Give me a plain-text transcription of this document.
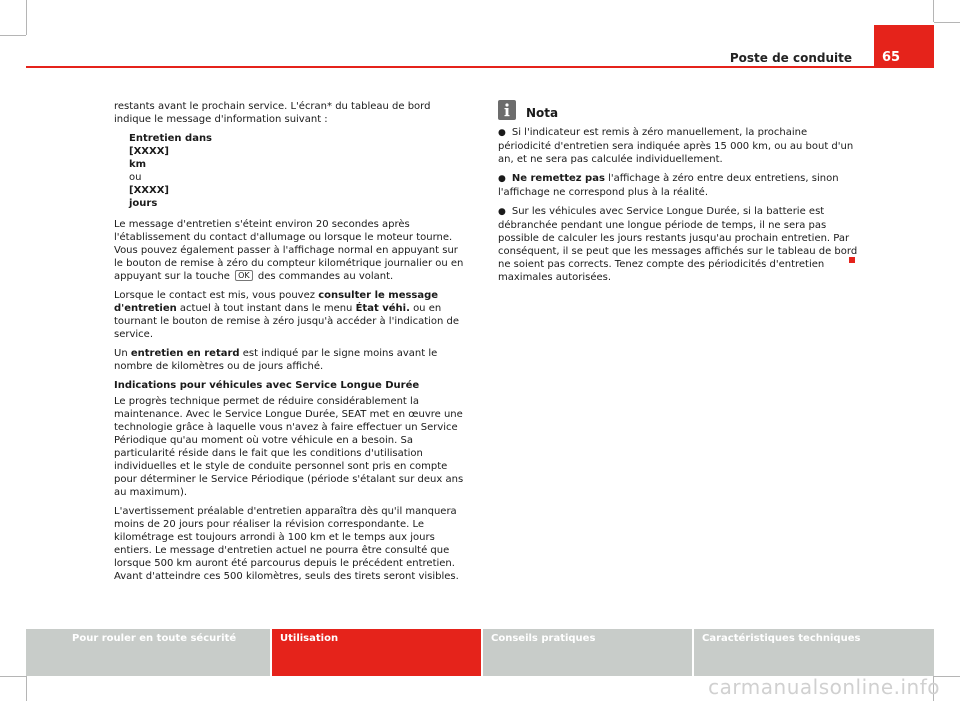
Poste de conduite	65

restants avant le prochain service. L'écran* du tableau de bord indique le message d'information suivant :

Entretien dans
[XXXX]
km
ou
[XXXX]
jours

Le message d'entretien s'éteint environ 20 secondes après l'établissement du contact d'allumage ou lorsque le moteur tourne. Vous pouvez également passer à l'affichage normal en appuyant sur le bouton de remise à zéro du compteur kilométrique journalier ou en appuyant sur la touche OK des commandes au volant.

Lorsque le contact est mis, vous pouvez consulter le message d'entretien actuel à tout instant dans le menu État véhi. ou en tournant le bouton de remise à zéro jusqu'à accéder à l'indication de service.

Un entretien en retard est indiqué par le signe moins avant le nombre de kilomètres ou de jours affiché.

Indications pour véhicules avec Service Longue Durée

Le progrès technique permet de réduire considérablement la maintenance. Avec le Service Longue Durée, SEAT met en œuvre une technologie grâce à laquelle vous n'avez à faire effectuer un Service Périodique qu'au moment où votre véhicule en a besoin. Sa particularité réside dans le fait que les conditions d'utilisation individuelles et le style de conduite personnel sont pris en compte pour déterminer le Service Périodique (période s'étalant sur deux ans au maximum).

L'avertissement préalable d'entretien apparaîtra dès qu'il manquera moins de 20 jours pour réaliser la révision correspondante. Le kilométrage est toujours arrondi à 100 km et le temps aux jours entiers. Le message d'entretien actuel ne pourra être consulté que lorsque 500 km auront été parcourus depuis le précédent entretien. Avant d'atteindre ces 500 kilomètres, seuls des tirets seront visibles.

Nota

● Si l'indicateur est remis à zéro manuellement, la prochaine périodicité d'entretien sera indiquée après 15 000 km, ou au bout d'un an, et ne sera pas calculée individuellement.

● Ne remettez pas l'affichage à zéro entre deux entretiens, sinon l'affichage ne correspond plus à la réalité.

● Sur les véhicules avec Service Longue Durée, si la batterie est débranchée pendant une longue période de temps, il ne sera pas possible de calculer les jours restants jusqu'au prochain entretien. Par conséquent, il se peut que les messages affichés sur le tableau de bord ne soient pas corrects. Tenez compte des périodicités d'entretien maximales autorisées.

Pour rouler en toute sécurité	Utilisation	Conseils pratiques	Caractéristiques techniques
carmanualsonline.info
